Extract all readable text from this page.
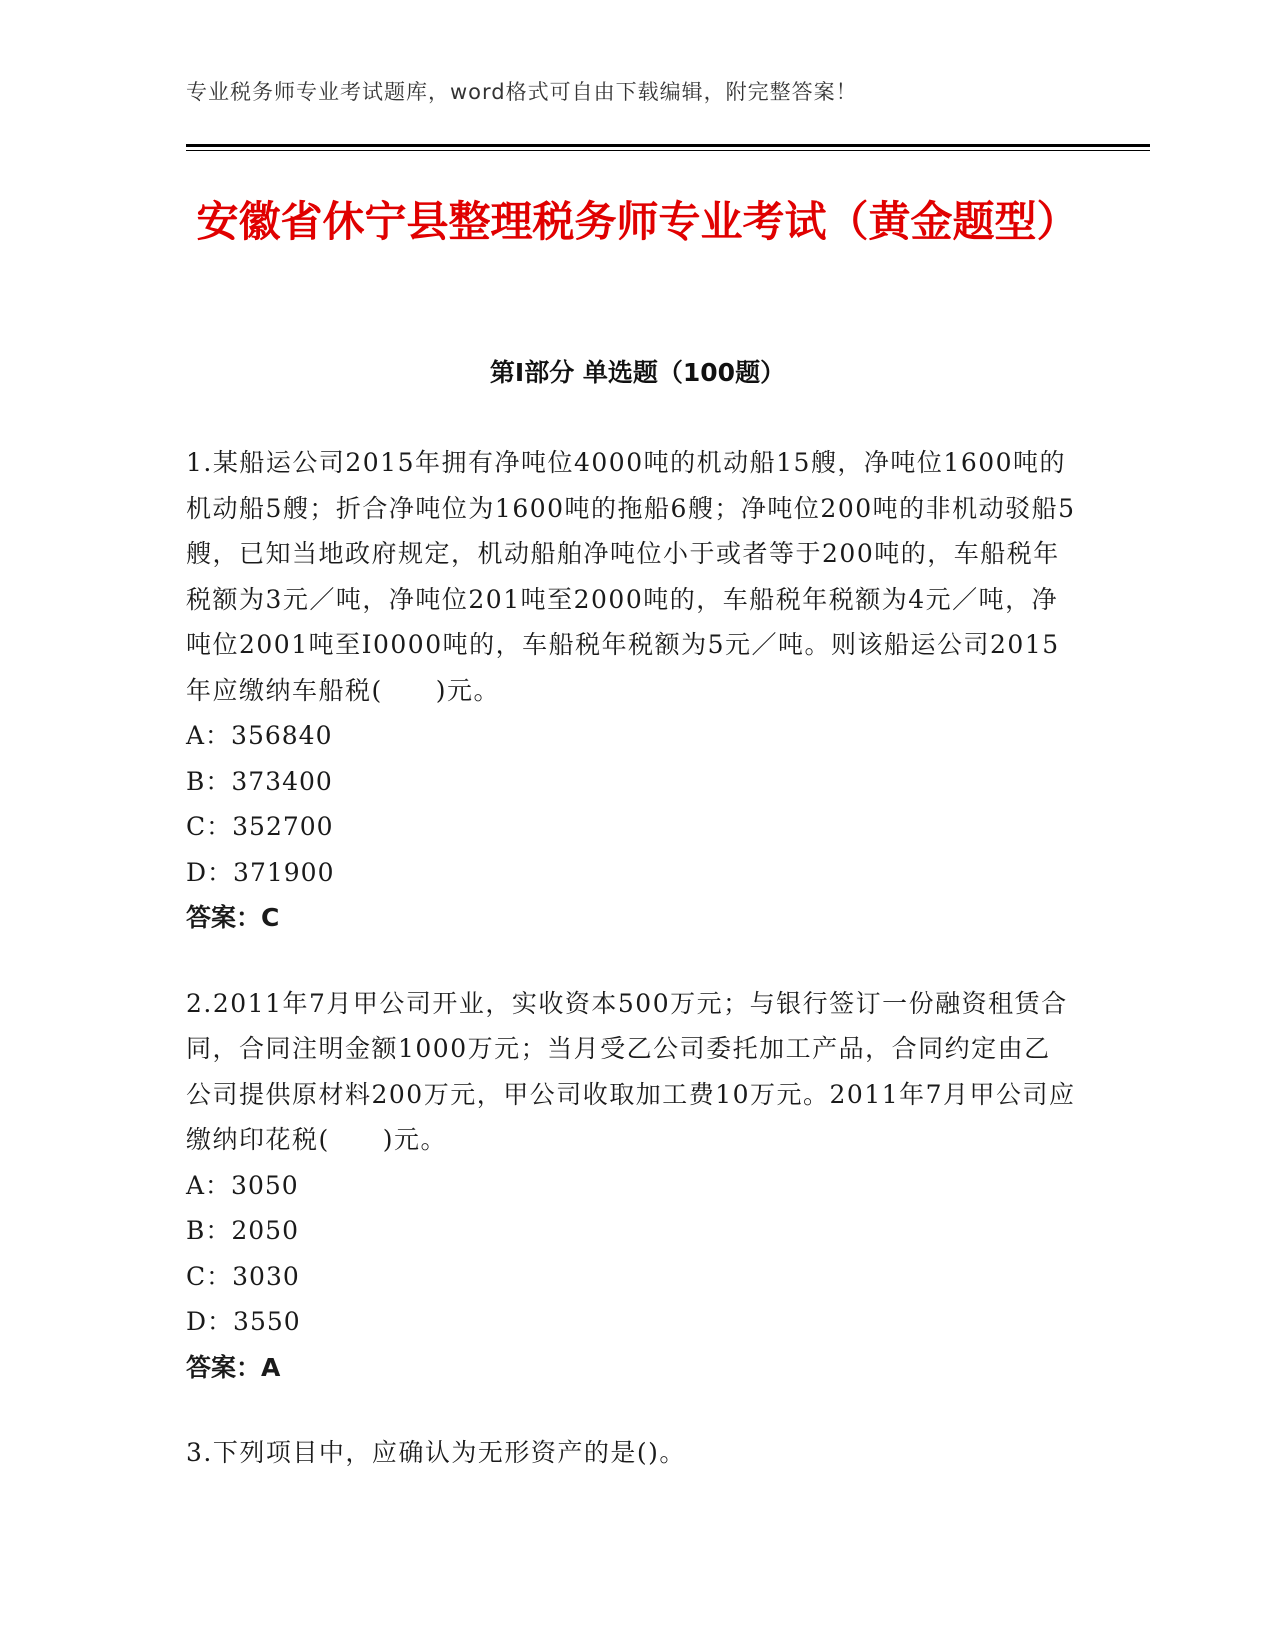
专业税务师专业考试题库，word格式可自由下载编辑，附完整答案！
安徽省休宁县整理税务师专业考试（黄金题型）
第Ⅰ部分 单选题（100题）

1.某船运公司2015年拥有净吨位4000吨的机动船15艘，净吨位1600吨的机动船5艘；折合净吨位为1600吨的拖船6艘；净吨位200吨的非机动驳船5艘，已知当地政府规定，机动船舶净吨位小于或者等于200吨的，车船税年税额为3元／吨，净吨位201吨至2000吨的，车船税年税额为4元／吨，净吨位2001吨至I0000吨的，车船税年税额为5元／吨。则该船运公司2015年应缴纳车船税(　　)元。

A：356840

B：373400

C：352700

D：371900

答案：C

2.2011年7月甲公司开业，实收资本500万元；与银行签订一份融资租赁合同，合同注明金额1000万元；当月受乙公司委托加工产品，合同约定由乙公司提供原材料200万元，甲公司收取加工费10万元。2011年7月甲公司应缴纳印花税(　　)元。

A：3050

B：2050

C：3030

D：3550

答案：A

3.下列项目中，应确认为无形资产的是()。
